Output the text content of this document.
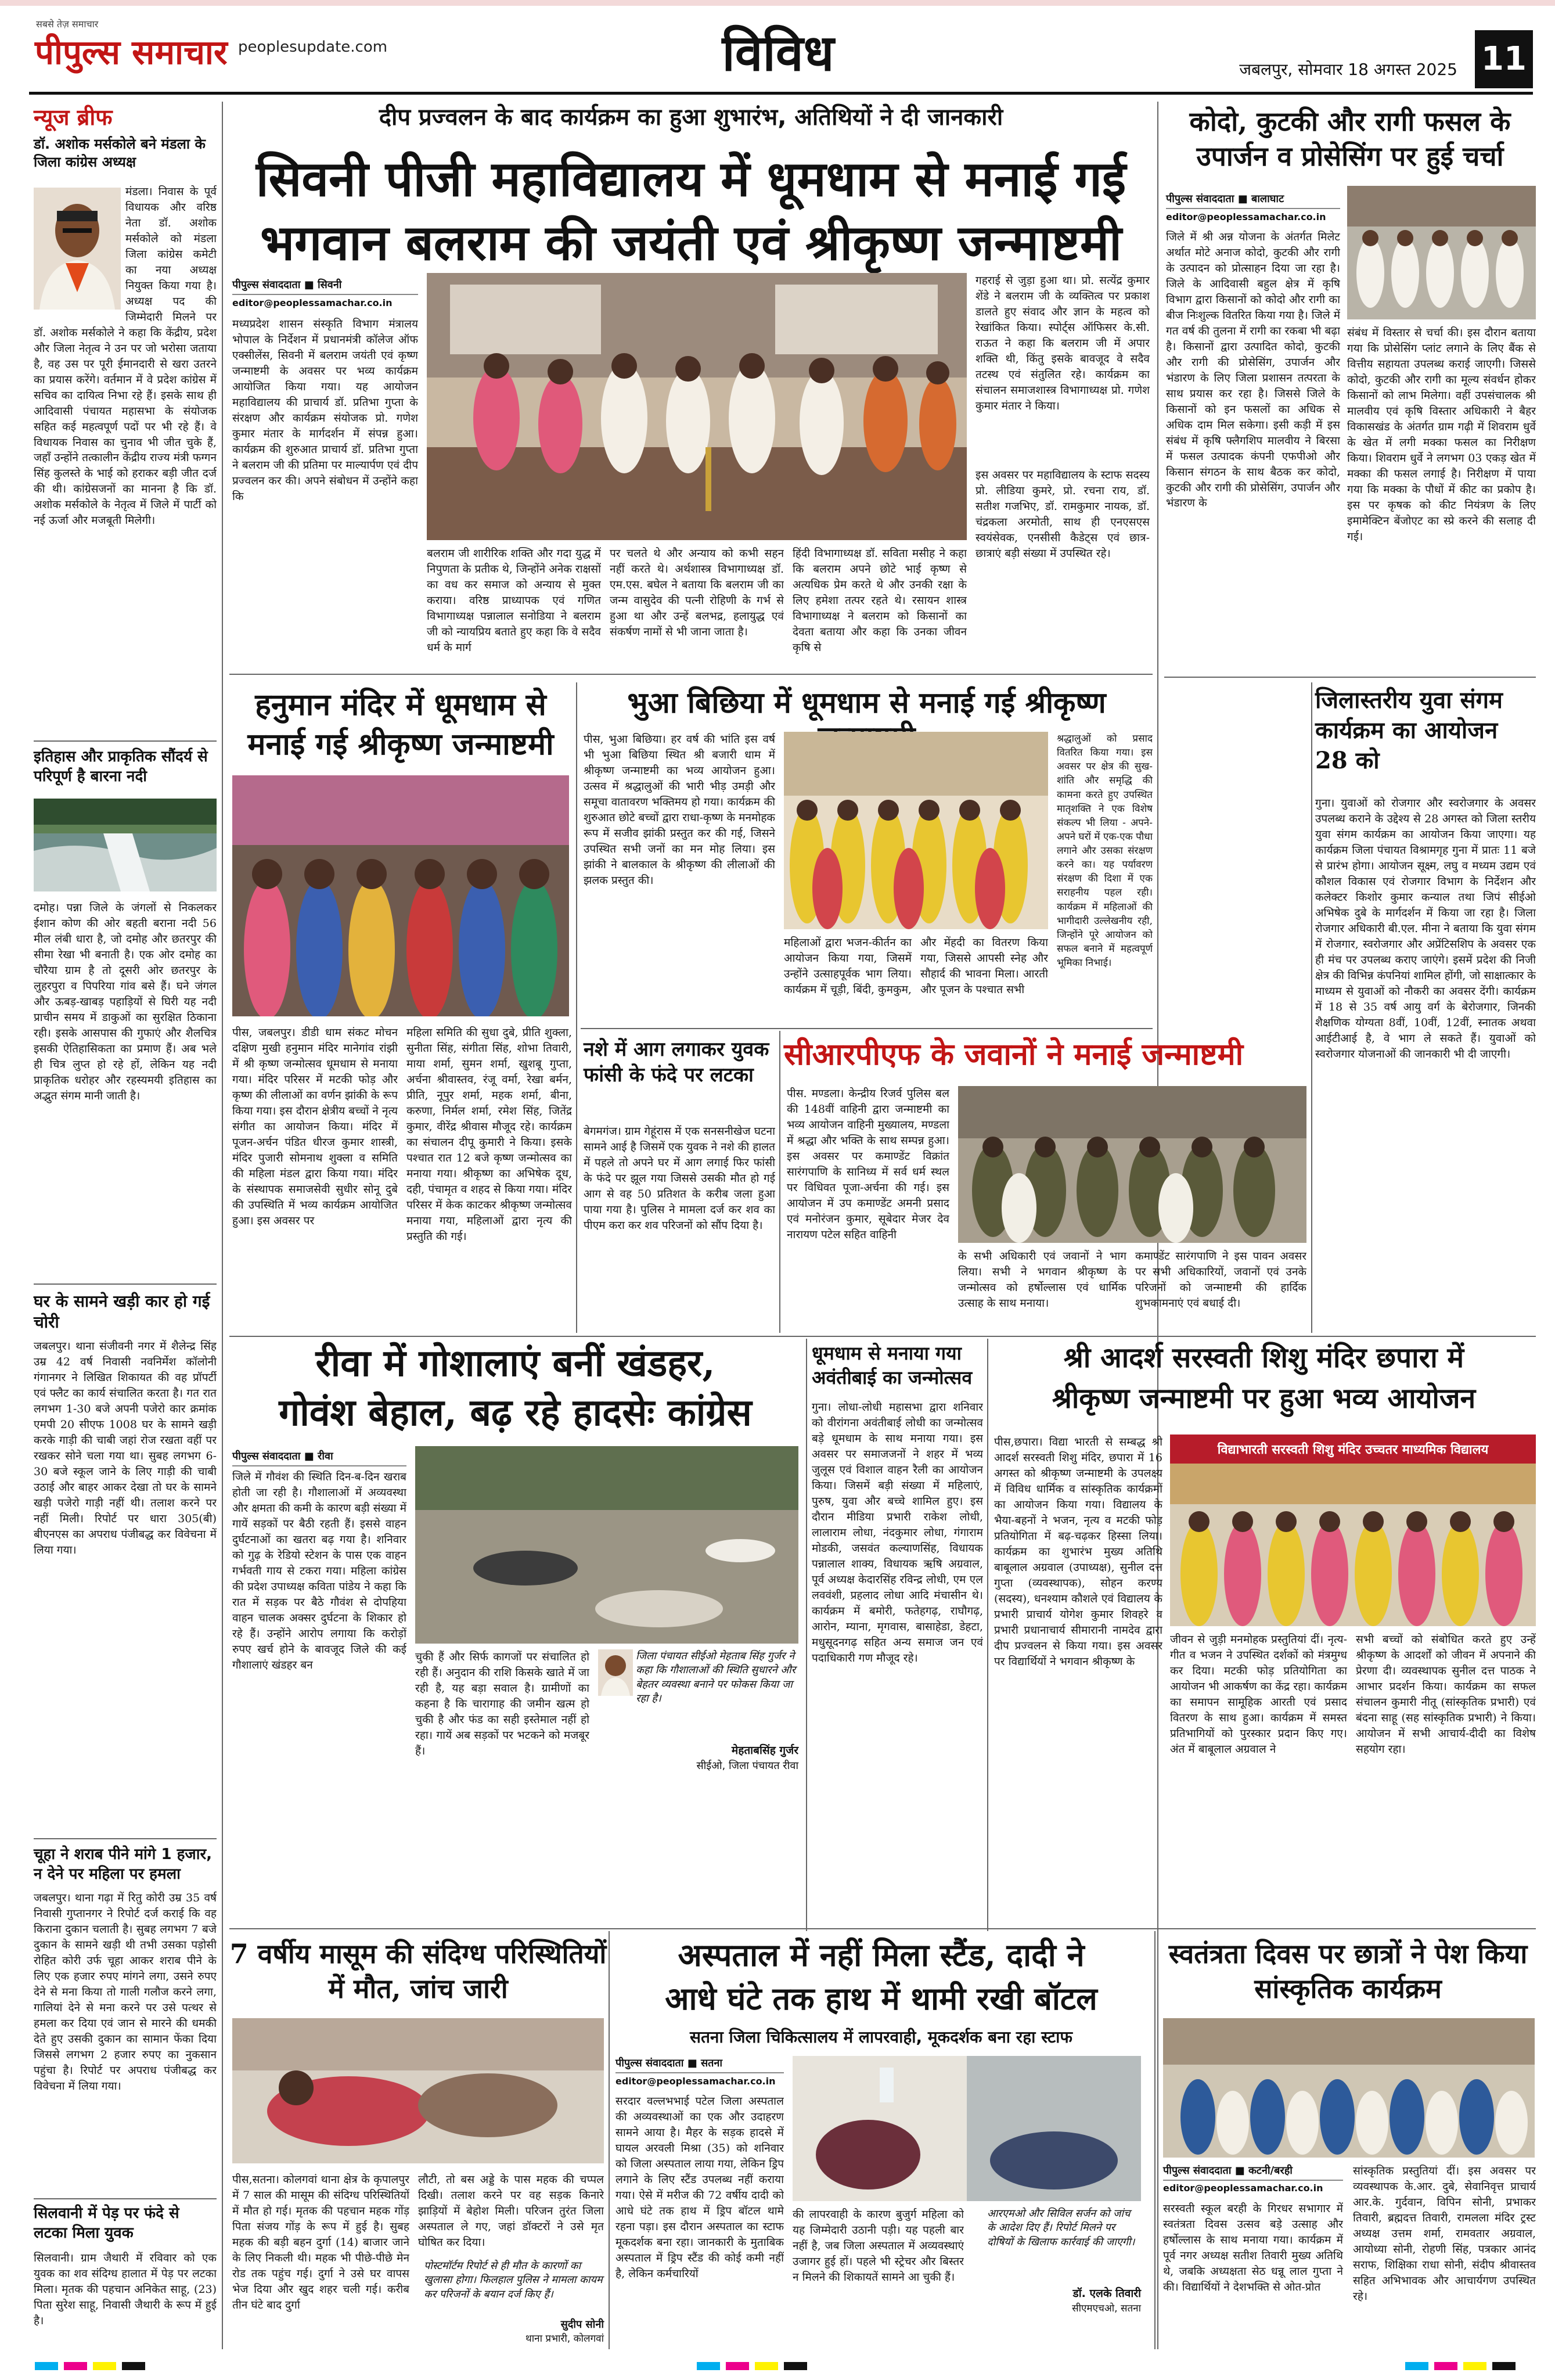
पीपुल्स समाचार
सबसे तेज़ समाचार
peoplesupdate.com	विविध	जबलपुर, सोमवार 18 अगस्त 2025 11
न्यूज ब्रीफ
डॉ. अशोक मर्सकोले बने मंडला के जिला कांग्रेस अध्यक्ष
मंडला। निवास के पूर्व विधायक और वरिष्ठ नेता डॉ. अशोक मर्सकोले को मंडला जिला कांग्रेस कमेटी का नया अध्यक्ष नियुक्त किया गया है। अध्यक्ष पद की जिम्मेदारी मिलने पर डॉ. अशोक मर्सकोले ने कहा कि केंद्रीय, प्रदेश और जिला नेतृत्व ने उन पर जो भरोसा जताया है, वह उस पर पूरी ईमानदारी से खरा उतरने का प्रयास करेंगे। वर्तमान में वे प्रदेश कांग्रेस में सचिव का दायित्व निभा रहे हैं। इसके साथ ही आदिवासी पंचायत महासभा के संयोजक सहित कई महत्वपूर्ण पदों पर भी रहे हैं। वे विधायक निवास का चुनाव भी जीत चुके हैं, जहाँ उन्होंने तत्कालीन केंद्रीय राज्य मंत्री फग्गन सिंह कुलस्ते के भाई को हराकर बड़ी जीत दर्ज की थी। कांग्रेसजनों का मानना है कि डॉ. अशोक मर्सकोले के नेतृत्व में जिले में पार्टी को नई ऊर्जा और मजबूती मिलेगी।
इतिहास और प्राकृतिक सौंदर्य से परिपूर्ण है बारना नदी
दमोह। पन्ना जिले के जंगलों से निकलकर ईशान कोण की ओर बहती बराना नदी 56 मील लंबी धारा है, जो दमोह और छतरपुर की सीमा रेखा भी बनाती है। एक ओर दमोह का चौरैया ग्राम है तो दूसरी ओर छतरपुर के लुहरपुरा व पिपरिया गांव बसे हैं। घने जंगल और ऊबड़-खाबड़ पहाड़ियों से घिरी यह नदी प्राचीन समय में डाकुओं का सुरक्षित ठिकाना रही। इसके आसपास की गुफाएं और शैलचित्र इसकी ऐतिहासिकता का प्रमाण हैं। अब भले ही चित्र लुप्त हो रहे हों, लेकिन यह नदी प्राकृतिक धरोहर और रहस्यमयी इतिहास का अद्भुत संगम मानी जाती है।
घर के सामने खड़ी कार हो गई चोरी
जबलपुर। थाना संजीवनी नगर में शैलेन्द्र सिंह उम्र 42 वर्ष निवासी नवनिर्मेश कॉलोनी गंगानगर ने लिखित शिकायत की वह प्रॉपर्टी एवं फ्लैट का कार्य संचालित करता है। गत रात लगभग 1-30 बजे अपनी पजेरो कार क्रमांक एमपी 20 सीएफ 1008 घर के सामने खड़ी करके गाड़ी की चाबी जहां रोज रखता वहीं पर रखकर सोने चला गया था। सुबह लगभग 6-30 बजे स्कूल जाने के लिए गाड़ी की चाबी उठाई और बाहर आकर देखा तो घर के सामने खड़ी पजेरो गाड़ी नहीं थी। तलाश करने पर नहीं मिली। रिपोर्ट पर धारा 305(बी) बीएनएस का अपराध पंजीबद्ध कर विवेचना में लिया गया।
चूहा ने शराब पीने मांगे 1 हजार, न देने पर महिला पर हमला
जबलपुर। थाना गढ़ा में रितु कोरी उम्र 35 वर्ष निवासी गुप्तानगर ने रिपोर्ट दर्ज कराई कि वह किराना दुकान चलाती है। सुबह लगभग 7 बजे दुकान के सामने खड़ी थी तभी उसका पड़ोसी रोहित कोरी उर्फ चूहा आकर शराब पीने के लिए एक हजार रुपए मांगने लगा, उसने रुपए देने से मना किया तो गाली गलौज करने लगा, गालियां देने से मना करने पर उसे पत्थर से हमला कर दिया एवं जान से मारने की धमकी देते हुए उसकी दुकान का सामान फेंका दिया जिससे लगभग 2 हजार रुपए का नुकसान पहुंचा है। रिपोर्ट पर अपराध पंजीबद्ध कर विवेचना में लिया गया।
सिलवानी में पेड़ पर फंदे से लटका मिला युवक
सिलवानी। ग्राम जैथारी में रविवार को एक युवक का शव संदिग्ध हालात में पेड़ पर लटका मिला। मृतक की पहचान अनिकेत साहू, (23) पिता सुरेश साहू, निवासी जैथारी के रूप में हुई है।
दीप प्रज्वलन के बाद कार्यक्रम का हुआ शुभारंभ, अतिथियों ने दी जानकारी
सिवनी पीजी महाविद्यालय में धूमधाम से मनाई गई
भगवान बलराम की जयंती एवं श्रीकृष्ण जन्माष्टमी
पीपुल्स संवाददाता ■ सिवनी
editor@peoplessamachar.co.in
मध्यप्रदेश शासन संस्कृति विभाग मंत्रालय भोपाल के निर्देशन में प्रधानमंत्री कॉलेज ऑफ एक्सीलेंस, सिवनी में बलराम जयंती एवं कृष्ण जन्माष्टमी के अवसर पर भव्य कार्यक्रम आयोजित किया गया। यह आयोजन महाविद्यालय की प्राचार्य डॉ. प्रतिभा गुप्ता के संरक्षण और कार्यक्रम संयोजक प्रो. गणेश कुमार मंतार के मार्गदर्शन में संपन्न हुआ। कार्यक्रम की शुरुआत प्राचार्य डॉ. प्रतिभा गुप्ता ने बलराम जी की प्रतिमा पर माल्यार्पण एवं दीप प्रज्वलन कर की। अपने संबोधन में उन्होंने कहा कि
गहराई से जुड़ा हुआ था। प्रो. सत्येंद्र कुमार शेंडे ने बलराम जी के व्यक्तित्व पर प्रकाश डालते हुए संवाद और ज्ञान के महत्व को रेखांकित किया। स्पोर्ट्स ऑफिसर के.सी. राऊत ने कहा कि बलराम जी में अपार शक्ति थी, किंतु इसके बावजूद वे सदैव तटस्थ एवं संतुलित रहे। कार्यक्रम का संचालन समाजशास्त्र विभागाध्यक्ष प्रो. गणेश कुमार मंतार ने किया।
इस अवसर पर महाविद्यालय के स्टाफ सदस्य प्रो. लीडिया कुमरे, प्रो. रचना राय, डॉ. सतीश गजभिए, डॉ. रामकुमार नायक, डॉ. चंद्रकला अरमोती, साथ ही एनएसएस स्वयंसेवक, एनसीसी कैडेट्स एवं छात्र-छात्राएं बड़ी संख्या में उपस्थित रहे।
बलराम जी शारीरिक शक्ति और गदा युद्ध में निपुणता के प्रतीक थे, जिन्होंने अनेक राक्षसों का वध कर समाज को अन्याय से मुक्त कराया। वरिष्ठ प्राध्यापक एवं गणित विभागाध्यक्ष पन्नालाल सनोडिया ने बलराम जी को न्यायप्रिय बताते हुए कहा कि वे सदैव धर्म के मार्ग
पर चलते थे और अन्याय को कभी सहन नहीं करते थे। अर्थशास्त्र विभागाध्यक्ष डॉ. एम.एस. बघेल ने बताया कि बलराम जी का जन्म वासुदेव की पत्नी रोहिणी के गर्भ से हुआ था और उन्हें बलभद्र, हलायुद्ध एवं संकर्षण नामों से भी जाना जाता है।
हिंदी विभागाध्यक्ष डॉ. सविता मसीह ने कहा कि बलराम अपने छोटे भाई कृष्ण से अत्यधिक प्रेम करते थे और उनकी रक्षा के लिए हमेशा तत्पर रहते थे। रसायन शास्त्र विभागाध्यक्ष ने बलराम को किसानों का देवता बताया और कहा कि उनका जीवन कृषि से
कोदो, कुटकी और रागी फसल के उपार्जन व प्रोसेसिंग पर हुई चर्चा
पीपुल्स संवाददाता ■ बालाघाट
editor@peoplessamachar.co.in
जिले में श्री अन्न योजना के अंतर्गत मिलेट अर्थात मोटे अनाज कोदो, कुटकी और रागी के उत्पादन को प्रोत्साहन दिया जा रहा है। जिले के आदिवासी बहुल क्षेत्र में कृषि विभाग द्वारा किसानों को कोदो और रागी का बीज निःशुल्क वितरित किया गया है। जिले में गत वर्ष की तुलना में रागी का रकबा भी बढ़ा है। किसानों द्वारा उत्पादित कोदो, कुटकी और रागी की प्रोसेसिंग, उपार्जन और भंडारण के लिए जिला प्रशासन तत्परता के साथ प्रयास कर रहा है। जिससे जिले के किसानों को इन फसलों का अधिक से अधिक दाम मिल सकेगा। इसी कड़ी में इस संबंध में कृषि फ्लैगशिप मालवीय ने बिरसा में फसल उत्पादक कंपनी एफपीओ और किसान संगठन के साथ बैठक कर कोदो, कुटकी और रागी की प्रोसेसिंग, उपार्जन और भंडारण के
संबंध में विस्तार से चर्चा की। इस दौरान बताया गया कि प्रोसेसिंग प्लांट लगाने के लिए बैंक से वित्तीय सहायता उपलब्ध कराई जाएगी। जिससे कोदो, कुटकी और रागी का मूल्य संवर्धन होकर किसानों को लाभ मिलेगा। वहीं उपसंचालक श्री मालवीय एवं कृषि विस्तार अधिकारी ने बैहर विकासखंड के अंतर्गत ग्राम गढ़ी में शिवराम धुर्वे के खेत में लगी मक्का फसल का निरीक्षण किया। शिवराम धुर्वे ने लगभग 03 एकड़ खेत में मक्का की फसल लगाई है। निरीक्षण में पाया गया कि मक्का के पौधों में कीट का प्रकोप है। इस पर कृषक को कीट नियंत्रण के लिए इमामेक्टिन बेंजोएट का स्प्रे करने की सलाह दी गई।
हनुमान मंदिर में धूमधाम से मनाई गई श्रीकृष्ण जन्माष्टमी
पीस, जबलपुर। डीडी धाम संकट मोचन दक्षिण मुखी हनुमान मंदिर मानेगांव रांझी में श्री कृष्ण जन्मोत्सव धूमधाम से मनाया गया। मंदिर परिसर में मटकी फोड़ और कृष्ण की लीलाओं का वर्णन झांकी के रूप किया गया। इस दौरान क्षेत्रीय बच्चों ने नृत्य संगीत का आयोजन किया। मंदिर में पूजन-अर्चन पंडित धीरज कुमार शास्त्री, मंदिर पुजारी सोमनाथ शुक्ला व समिति की महिला मंडल द्वारा किया गया। मंदिर के संस्थापक समाजसेवी सुधीर सोनू दुबे की उपस्थिति में भव्य कार्यक्रम आयोजित हुआ। इस अवसर पर
महिला समिति की सुधा दुबे, प्रीति शुक्ला, सुनीता सिंह, संगीता सिंह, शोभा तिवारी, माया शर्मा, सुमन शर्मा, खुशबू गुप्ता, अर्चना श्रीवास्तव, रंजू वर्मा, रेखा बर्मन, प्रीति, नूपुर शर्मा, महक शर्मा, बीना, करुणा, निर्मल शर्मा, रमेश सिंह, जितेंद्र कुमार, वीरेंद्र श्रीवास मौजूद रहे। कार्यक्रम का संचालन दीपू कुमारी ने किया। इसके पश्चात रात 12 बजे कृष्ण जन्मोत्सव का मनाया गया। श्रीकृष्ण का अभिषेक दूध, दही, पंचामृत व शहद से किया गया। मंदिर परिसर में केक काटकर श्रीकृष्ण जन्मोत्सव मनाया गया, महिलाओं द्वारा नृत्य की प्रस्तुति की गई।
भुआ बिछिया में धूमधाम से मनाई गई श्रीकृष्ण
पीस, भुआ बिछिया। हर वर्ष की भांति इस वर्ष भी भुआ बिछिया स्थित श्री बजारी धाम में श्रीकृष्ण जन्माष्टमी का भव्य आयोजन हुआ। उत्सव में श्रद्धालुओं की भारी भीड़ उमड़ी और समूचा वातावरण भक्तिमय हो गया। कार्यक्रम की शुरुआत छोटे बच्चों द्वारा राधा-कृष्ण के मनमोहक रूप में सजीव झांकी प्रस्तुत कर की गई, जिसने उपस्थित सभी जनों का मन मोह लिया। इस झांकी ने बालकाल के श्रीकृष्ण की लीलाओं की झलक प्रस्तुत की।
महिलाओं द्वारा भजन-कीर्तन का आयोजन किया गया, जिसमें उन्होंने उत्साहपूर्वक भाग लिया। कार्यक्रम में चूड़ी, बिंदी, कुमकुम,
और मेंहदी का वितरण किया गया, जिससे आपसी स्नेह और सौहार्द की भावना मिला। आरती और पूजन के पश्चात सभी
श्रद्धालुओं को प्रसाद वितरित किया गया। इस अवसर पर क्षेत्र की सुख-शांति और समृद्धि की कामना करते हुए उपस्थित मातृशक्ति ने एक विशेष संकल्प भी लिया - अपने-अपने घरों में एक-एक पौधा लगाने और उसका संरक्षण करने का। यह पर्यावरण संरक्षण की दिशा में एक सराहनीय पहल रही। कार्यक्रम में महिलाओं की भागीदारी उल्लेखनीय रही, जिन्होंने पूरे आयोजन को सफल बनाने में महत्वपूर्ण भूमिका निभाई।
जिलास्तरीय युवा संगम कार्यक्रम का आयोजन 28 को
गुना। युवाओं को रोजगार और स्वरोजगार के अवसर उपलब्ध कराने के उद्देश्य से 28 अगस्त को जिला स्तरीय युवा संगम कार्यक्रम का आयोजन किया जाएगा। यह कार्यक्रम जिला पंचायत विश्रामगृह गुना में प्रातः 11 बजे से प्रारंभ होगा। आयोजन सूक्ष्म, लघु व मध्यम उद्यम एवं कौशल विकास एवं रोजगार विभाग के निर्देशन और कलेक्टर किशोर कुमार कन्याल तथा जिपं सीईओ अभिषेक दुबे के मार्गदर्शन में किया जा रहा है। जिला रोजगार अधिकारी बी.एल. मीना ने बताया कि युवा संगम में रोजगार, स्वरोजगार और अप्रेंटिसशिप के अवसर एक ही मंच पर उपलब्ध कराए जाएंगे। इसमें प्रदेश की निजी क्षेत्र की विभिन्न कंपनियां शामिल होंगी, जो साक्षात्कार के माध्यम से युवाओं को नौकरी का अवसर देंगी। कार्यक्रम में 18 से 35 वर्ष आयु वर्ग के बेरोजगार, जिनकी शैक्षणिक योग्यता 8वीं, 10वीं, 12वीं, स्नातक अथवा आईटीआई है, वे भाग ले सकते हैं। युवाओं को स्वरोजगार योजनाओं की जानकारी भी दी जाएगी।
नशे में आग लगाकर युवक फांसी के फंदे पर लटका
बेगमगंज। ग्राम गेहूंरास में एक सनसनीखेज घटना सामने आई है जिसमें एक युवक ने नशे की हालत में पहले तो अपने घर में आग लगाई फिर फांसी के फंदे पर झूल गया जिससे उसकी मौत हो गई आग से वह 50 प्रतिशत के करीब जला हुआ पाया गया है। पुलिस ने मामला दर्ज कर शव का पीएम करा कर शव परिजनों को सौंप दिया है।
सीआरपीएफ के जवानों ने मनाई जन्माष्टमी
पीस. मण्डला। केन्द्रीय रिजर्व पुलिस बल की 148वीं वाहिनी द्वारा जन्माष्टमी का भव्य आयोजन वाहिनी मुख्यालय, मण्डला में श्रद्धा और भक्ति के साथ सम्पन्न हुआ। इस अवसर पर कमाण्डेंट विक्रांत सारंगपाणि के सानिध्य में सर्व धर्म स्थल पर विधिवत पूजा-अर्चना की गई। इस आयोजन में उप कमाण्डेंट अमनी प्रसाद एवं मनोरंजन कुमार, सूबेदार मेजर देव नारायण पटेल सहित वाहिनी
के सभी अधिकारी एवं जवानों ने भाग लिया। सभी ने भगवान श्रीकृष्ण के जन्मोत्सव को हर्षोल्लास एवं धार्मिक उत्साह के साथ मनाया।
कमाण्डेंट सारंगपाणि ने इस पावन अवसर पर सभी अधिकारियों, जवानों एवं उनके परिजनों को जन्माष्टमी की हार्दिक शुभकामनाएं एवं बधाई दी।
रीवा में गोशालाएं बनीं खंडहर,
गोवंश बेहाल, बढ़ रहे हादसेः कांग्रेस
पीपुल्स संवाददाता ■ रीवा
जिले में गौवंश की स्थिति दिन-ब-दिन खराब होती जा रही है। गौशालाओं में अव्यवस्था और क्षमता की कमी के कारण बड़ी संख्या में गायें सड़कों पर बैठी रहती हैं। इससे वाहन दुर्घटनाओं का खतरा बढ़ गया है। शनिवार को गुढ़ के रेडियो स्टेशन के पास एक वाहन गर्भवती गाय से टकरा गया। महिला कांग्रेस की प्रदेश उपाध्यक्ष कविता पांडेय ने कहा कि रात में सड़क पर बैठे गौवंश से दोपहिया वाहन चालक अक्सर दुर्घटना के शिकार हो रहे हैं। उन्होंने आरोप लगाया कि करोड़ों रुपए खर्च होने के बावजूद जिले की कई गौशालाएं खंडहर बन
चुकी हैं और सिर्फ कागजों पर संचालित हो रही हैं। अनुदान की राशि किसके खाते में जा रही है, यह बड़ा सवाल है। ग्रामीणों का कहना है कि चारागाह की जमीन खत्म हो चुकी है और फंड का सही इस्तेमाल नहीं हो रहा। गायें अब सड़कों पर भटकने को मजबूर हैं।
जिला पंचायत सीईओ मेहताब सिंह गुर्जर ने कहा कि गौशालाओं की स्थिति सुधारने और बेहतर व्यवस्था बनाने पर फोकस किया जा रहा है।
मेहताबसिंह गुर्जर
सीईओ, जिला पंचायत रीवा
धूमधाम से मनाया गया अवंतीबाई का जन्मोत्सव
गुना। लोधा-लोधी महासभा द्वारा शनिवार को वीरांगना अवंतीबाई लोधी का जन्मोत्सव बड़े धूमधाम के साथ मनाया गया। इस अवसर पर समाजजनों ने शहर में भव्य जुलूस एवं विशाल वाहन रैली का आयोजन किया। जिसमें बड़ी संख्या में महिलाएं, पुरुष, युवा और बच्चे शामिल हुए। इस दौरान मीडिया प्रभारी राकेश लोधी, लालाराम लोधा, नंदकुमार लोधा, गंगाराम मोडकी, जसवंत कल्याणसिंह, विधायक पन्नालाल शाक्य, विधायक ऋषि अग्रवाल, पूर्व अध्यक्ष केदारसिंह रविन्द्र लोधी, एम एल लववंशी, प्रहलाद लोधा आदि मंचासीन थे। कार्यक्रम में बमोरी, फतेहगढ़, राघौगढ़, आरोन, म्याना, मृगवास, बासाहेडा, डेहटा, मधुसूदनगढ़ सहित अन्य समाज जन एवं पदाधिकारी गण मौजूद रहे।
श्री आदर्श सरस्वती शिशु मंदिर छपारा में
श्रीकृष्ण जन्माष्टमी पर हुआ भव्य आयोजन
पीस,छपारा। विद्या भारती से सम्बद्ध श्री आदर्श सरस्वती शिशु मंदिर, छपारा में 16 अगस्त को श्रीकृष्ण जन्माष्टमी के उपलक्ष्य में विविध धार्मिक व सांस्कृतिक कार्यक्रमों का आयोजन किया गया। विद्यालय के भैया-बहनों ने भजन, नृत्य व मटकी फोड़ प्रतियोगिता में बढ़-चढ़कर हिस्सा लिया। कार्यक्रम का शुभारंभ मुख्य अतिथि बाबूलाल अग्रवाल (उपाध्यक्ष), सुनील दत्त गुप्ता (व्यवस्थापक), सोहन करण्य (सदस्य), धनश्याम कौशले एवं विद्यालय के प्रभारी प्राचार्य योगेश कुमार शिवहरे व प्रभारी प्रधानाचार्य सीमारानी नामदेव द्वारा दीप प्रज्वलन से किया गया। इस अवसर पर विद्यार्थियों ने भगवान श्रीकृष्ण के
विद्याभारती सरस्वती शिशु मंदिर उच्चतर माध्यमिक विद्यालय
जीवन से जुड़ी मनमोहक प्रस्तुतियां दीं। नृत्य-गीत व भजन ने उपस्थित दर्शकों को मंत्रमुग्ध कर दिया। मटकी फोड़ प्रतियोगिता का आयोजन भी आकर्षण का केंद्र रहा। कार्यक्रम का समापन सामूहिक आरती एवं प्रसाद वितरण के साथ हुआ। कार्यक्रम में समस्त प्रतिभागियों को पुरस्कार प्रदान किए गए। अंत में बाबूलाल अग्रवाल ने
सभी बच्चों को संबोधित करते हुए उन्हें श्रीकृष्ण के आदर्शों को जीवन में अपनाने की प्रेरणा दी। व्यवस्थापक सुनील दत्त पाठक ने आभार प्रदर्शन किया। कार्यक्रम का सफल संचालन कुमारी नीतू (सांस्कृतिक प्रभारी) एवं बंदना साहू (सह सांस्कृतिक प्रभारी) ने किया। आयोजन में सभी आचार्य-दीदी का विशेष सहयोग रहा।
7 वर्षीय मासूम की संदिग्ध परिस्थितियों में मौत, जांच जारी
पीस,सतना। कोलगवां थाना क्षेत्र के कृपालपुर में 7 साल की मासूम की संदिग्ध परिस्थितियों में मौत हो गई। मृतक की पहचान महक गोंड़ पिता संजय गोंड़ के रूप में हुई है। सुबह महक की बड़ी बहन दुर्गा (14) बाजार जाने के लिए निकली थी। महक भी पीछे-पीछे मेन रोड तक पहुंच गई। दुर्गा ने उसे घर वापस भेज दिया और खुद शहर चली गई। करीब तीन घंटे बाद दुर्गा
लौटी, तो बस अड्डे के पास महक की चप्पल दिखी। तलाश करने पर वह सड़क किनारे झाड़ियों में बेहोश मिली। परिजन तुरंत जिला अस्पताल ले गए, जहां डॉक्टरों ने उसे मृत घोषित कर दिया।
पोस्टमॉर्टम रिपोर्ट से ही मौत के कारणों का खुलासा होगा। फिलहाल पुलिस ने मामला कायम कर परिजनों के बयान दर्ज किए हैं।
सुदीप सोनी
थाना प्रभारी, कोलगवां
अस्पताल में नहीं मिला स्टैंड, दादी ने
आधे घंटे तक हाथ में थामी रखी बॉटल
सतना जिला चिकित्सालय में लापरवाही, मूकदर्शक बना रहा स्टाफ
पीपुल्स संवाददाता ■ सतना
editor@peoplessamachar.co.in
सरदार वल्लभभाई पटेल जिला अस्पताल की अव्यवस्थाओं का एक और उदाहरण सामने आया है। मैहर के सड़क हादसे में घायल अरवली मिश्रा (35) को शनिवार को जिला अस्पताल लाया गया, लेकिन ड्रिप लगाने के लिए स्टैंड उपलब्ध नहीं कराया गया। ऐसे में मरीज की 72 वर्षीय दादी को आधे घंटे तक हाथ में ड्रिप बॉटल थामे रहना पड़ा। इस दौरान अस्पताल का स्टाफ मूकदर्शक बना रहा। जानकारी के मुताबिक अस्पताल में ड्रिप स्टैंड की कोई कमी नहीं है, लेकिन कर्मचारियों
की लापरवाही के कारण बुजुर्ग महिला को यह जिम्मेदारी उठानी पड़ी। यह पहली बार नहीं है, जब जिला अस्पताल में अव्यवस्थाएं उजागर हुई हों। पहले भी स्ट्रेचर और बिस्तर न मिलने की शिकायतें सामने आ चुकी हैं।
आरएमओ और सिविल सर्जन को जांच के आदेश दिए हैं। रिपोर्ट मिलने पर दोषियों के खिलाफ कार्रवाई की जाएगी।
डॉ. एलके तिवारी
सीएमएचओ, सतना
स्वतंत्रता दिवस पर छात्रों ने पेश किया सांस्कृतिक कार्यक्रम
पीपुल्स संवाददाता ■ कटनी/बरही
editor@peoplessamachar.co.in
सरस्वती स्कूल बरही के गिरधर सभागार में स्वतंत्रता दिवस उत्सव बड़े उत्साह और हर्षोल्लास के साथ मनाया गया। कार्यक्रम में पूर्व नगर अध्यक्ष सतीश तिवारी मुख्य अतिथि थे, जबकि अध्यक्षता सेठ धन्नू लाल गुप्ता ने की। विद्यार्थियों ने देशभक्ति से ओत-प्रोत
सांस्कृतिक प्रस्तुतियां दीं। इस अवसर पर व्यवस्थापक के.आर. दुबे, सेवानिवृत्त प्राचार्य आर.के. गुर्दवान, विपिन सोनी, प्रभाकर तिवारी, ब्रह्मदत्त तिवारी, रामलला मंदिर ट्रस्ट अध्यक्ष उत्तम शर्मा, रामवतार अग्रवाल, आयोध्या सोनी, रोहणी सिंह, पत्रकार आनंद सराफ, शिक्षिका राधा सोनी, संदीप श्रीवास्तव सहित अभिभावक और आचार्यगण उपस्थित रहे।
